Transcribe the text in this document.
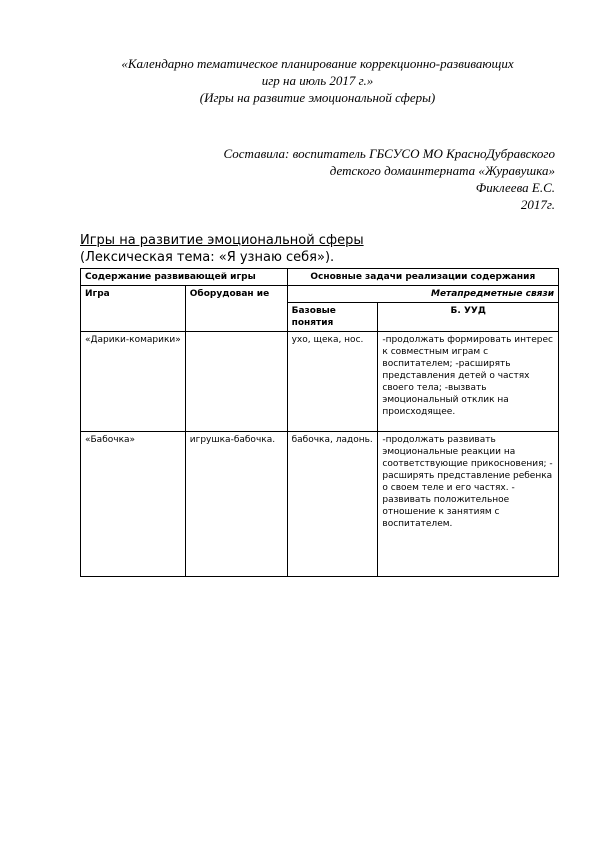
«Календарно тематическое планирование коррекционно-развивающих
игр на июль 2017 г.»
(Игры на развитие эмоциональной сферы)
Составила: воспитатель ГБСУСО МО КрасноДубравского
детского домаинтерната «Журавушка»
Фиклеева Е.С.
2017г.
Игры на развитие эмоциональной сферы
(Лексическая тема: «Я узнаю себя»).
Содержание развивающей игры		Основные задачи реализации содержания	
Игра	Оборудован ие	Метапредметные связи	
		Базовые понятия	Б. УУД
«Дарики-комарики»		ухо, щека, нос.	-продолжать формировать интерес к совместным играм с воспитателем; -расширять представления детей о частях своего тела; -вызвать эмоциональный отклик на происходящее.
«Бабочка»	игрушка-бабочка.	бабочка, ладонь.	-продолжать развивать эмоциональные реакции на соответствующие прикосновения; - расширять представление ребенка о своем теле и его частях. - развивать положительное отношение к занятиям с воспитателем.
